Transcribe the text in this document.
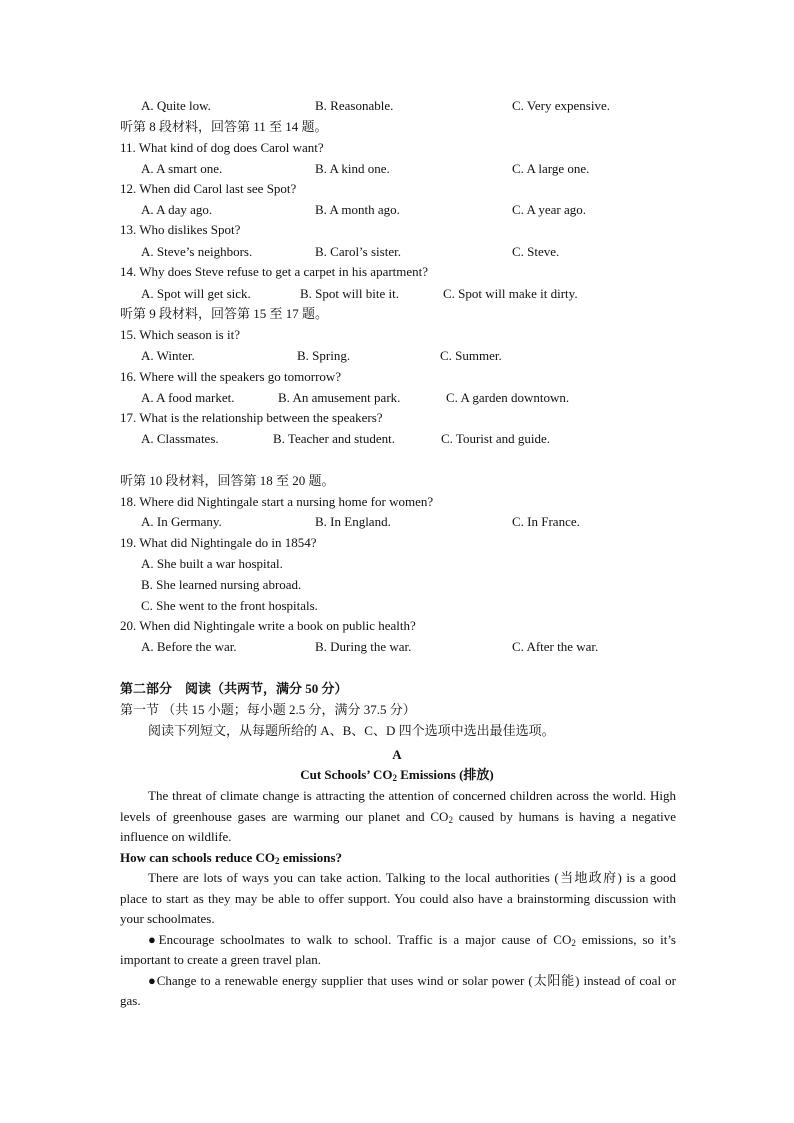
A. Quite low.	B. Reasonable.	C. Very expensive.
听第 8 段材料，回答第 11 至 14 题。
11. What kind of dog does Carol want?
A. A smart one.	B. A kind one.	C. A large one.
12. When did Carol last see Spot?
A. A day ago.	B. A month ago.	C. A year ago.
13. Who dislikes Spot?
A. Steve’s neighbors.	B. Carol’s sister.	C. Steve.
14. Why does Steve refuse to get a carpet in his apartment?
A. Spot will get sick.	B. Spot will bite it.	C. Spot will make it dirty.
听第 9 段材料，回答第 15 至 17 题。
15. Which season is it?
A. Winter.	B. Spring.	C. Summer.
16. Where will the speakers go tomorrow?
A. A food market.	B. An amusement park.	C. A garden downtown.
17. What is the relationship between the speakers?
A. Classmates.	B. Teacher and student.	C. Tourist and guide.
听第 10 段材料，回答第 18 至 20 题。
18. Where did Nightingale start a nursing home for women?
A. In Germany.	B. In England.	C. In France.
19. What did Nightingale do in 1854?
A. She built a war hospital.
B. She learned nursing abroad.
C. She went to the front hospitals.
20. When did Nightingale write a book on public health?
A. Before the war.	B. During the war.	C. After the war.
第二部分　阅读（共两节，满分 50 分）
第一节 （共 15 小题；每小题 2.5 分，满分 37.5 分）
阅读下列短文，从每题所给的 A、B、C、D 四个选项中选出最佳选项。
A
Cut Schools’ $CO_2$ Emissions (排放)

The threat of climate change is attracting the attention of concerned children across the world. High levels of greenhouse gases are warming our planet and $CO_2$ caused by humans is having a negative influence on wildlife.

How can schools reduce $CO_2$ emissions?

There are lots of ways you can take action. Talking to the local authorities (当地政府) is a good place to start as they may be able to offer support. You could also have a brainstorming discussion with your schoolmates.

●Encourage schoolmates to walk to school. Traffic is a major cause of $CO_2$ emissions, so it’s important to create a green travel plan.

●Change to a renewable energy supplier that uses wind or solar power (太阳能) instead of coal or gas.
